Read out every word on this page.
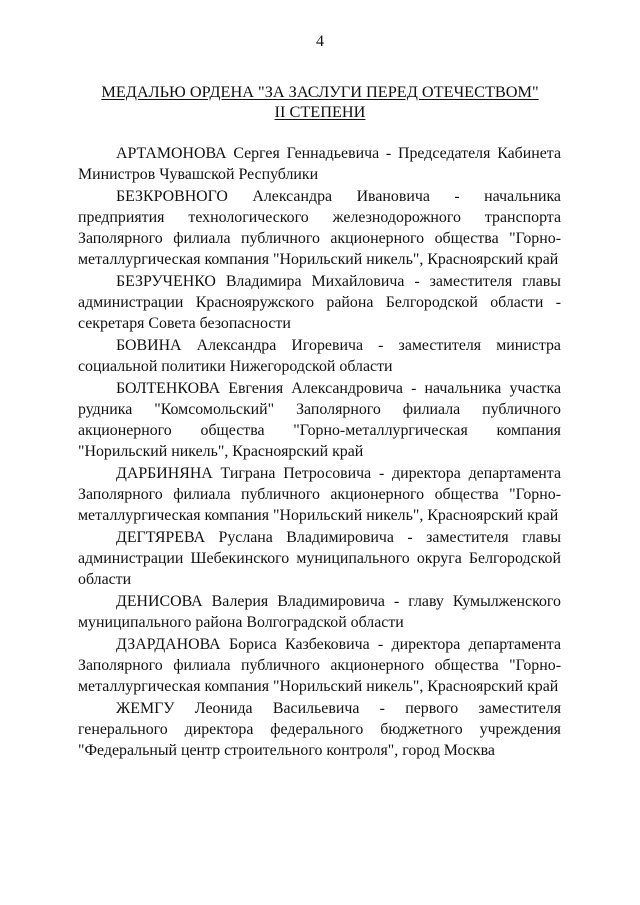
4
МЕДАЛЬЮ ОРДЕНА "ЗА ЗАСЛУГИ ПЕРЕД ОТЕЧЕСТВОМ"
II СТЕПЕНИ

АРТАМОНОВА Сергея Геннадьевича - Председателя Кабинета Министров Чувашской Республики

БЕЗКРОВНОГО Александра Ивановича - начальника предприятия технологического железнодорожного транспорта Заполярного филиала публичного акционерного общества "Горно-металлургическая компания "Норильский никель", Красноярский край

БЕЗРУЧЕНКО Владимира Михайловича - заместителя главы администрации Краснояружского района Белгородской области - секретаря Совета безопасности

БОВИНА Александра Игоревича - заместителя министра социальной политики Нижегородской области

БОЛТЕНКОВА Евгения Александровича - начальника участка рудника "Комсомольский" Заполярного филиала публичного акционерного общества "Горно-металлургическая компания "Норильский никель", Красноярский край

ДАРБИНЯНА Тиграна Петросовича - директора департамента Заполярного филиала публичного акционерного общества "Горно-металлургическая компания "Норильский никель", Красноярский край

ДЕГТЯРЕВА Руслана Владимировича - заместителя главы администрации Шебекинского муниципального округа Белгородской области

ДЕНИСОВА Валерия Владимировича - главу Кумылженского муниципального района Волгоградской области

ДЗАРДАНОВА Бориса Казбековича - директора департамента Заполярного филиала публичного акционерного общества "Горно-металлургическая компания "Норильский никель", Красноярский край

ЖЕМГУ Леонида Васильевича - первого заместителя генерального директора федерального бюджетного учреждения "Федеральный центр строительного контроля", город Москва
